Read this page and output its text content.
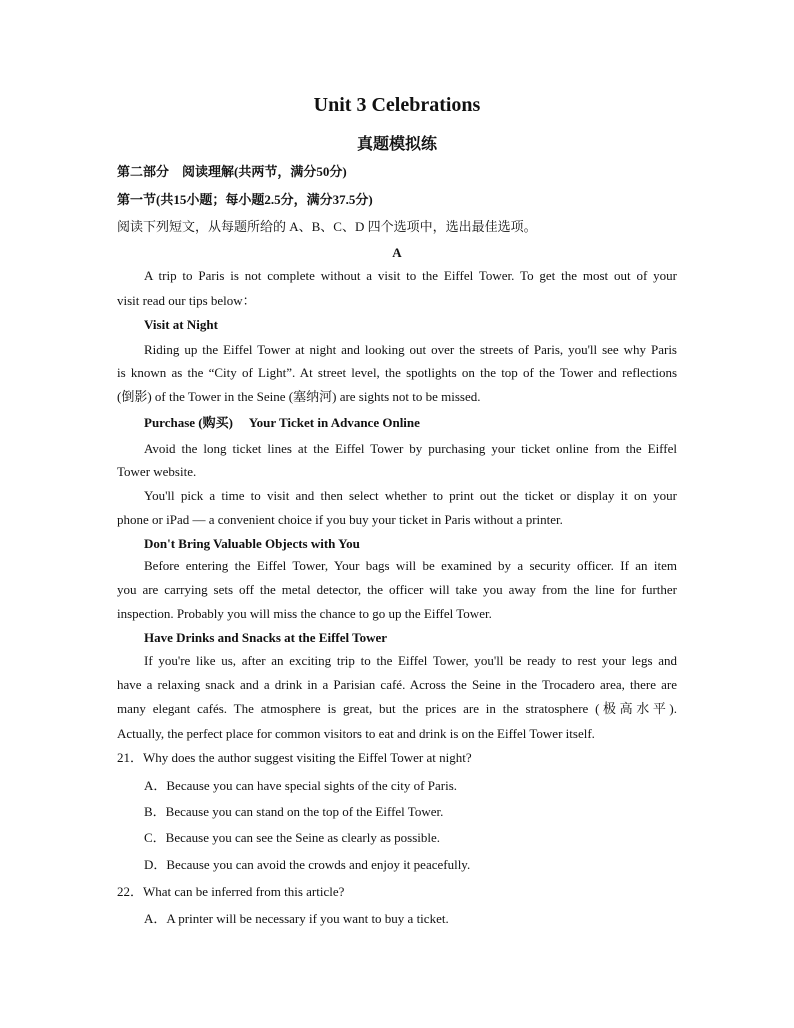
Unit 3 Celebrations
真题模拟练
第二部分　阅读理解(共两节，满分50分)
第一节(共15小题；每小题2.5分，满分37.5分)
阅读下列短文，从每题所给的 A、B、C、D 四个选项中，选出最佳选项。
A
A trip to Paris is not complete without a visit to the Eiffel Tower. To get the most out of your
visit read our tips below：
Visit at Night
Riding up the Eiffel Tower at night and looking out over the streets of Paris, you'll see why Paris
is known as the “City of Light”. At street level, the spotlights on the top of the Tower and reflections
(倒影) of the Tower in the Seine (塞纳河) are sights not to be missed.
Purchase (购买)　 Your Ticket in Advance Online
Avoid the long ticket lines at the Eiffel Tower by purchasing your ticket online from the Eiffel
Tower website.
You'll pick a time to visit and then select whether to print out the ticket or display it on your
phone or iPad — a convenient choice if you buy your ticket in Paris without a printer.
Don't Bring Valuable Objects with You
Before entering the Eiffel Tower, Your bags will be examined by a security officer. If an item
you are carrying sets off the metal detector, the officer will take you away from the line for further
inspection. Probably you will miss the chance to go up the Eiffel Tower.
Have Drinks and Snacks at the Eiffel Tower
If you're like us, after an exciting trip to the Eiffel Tower, you'll be ready to rest your legs and
have a relaxing snack and a drink in a Parisian café. Across the Seine in the Trocadero area, there are
many elegant cafés. The atmosphere is great, but the prices are in the stratosphere (极高水平).
Actually, the perfect place for common visitors to eat and drink is on the Eiffel Tower itself.
21．Why does the author suggest visiting the Eiffel Tower at night?
A．Because you can have special sights of the city of Paris.
B．Because you can stand on the top of the Eiffel Tower.
C．Because you can see the Seine as clearly as possible.
D．Because you can avoid the crowds and enjoy it peacefully.
22．What can be inferred from this article?
A．A printer will be necessary if you want to buy a ticket.
